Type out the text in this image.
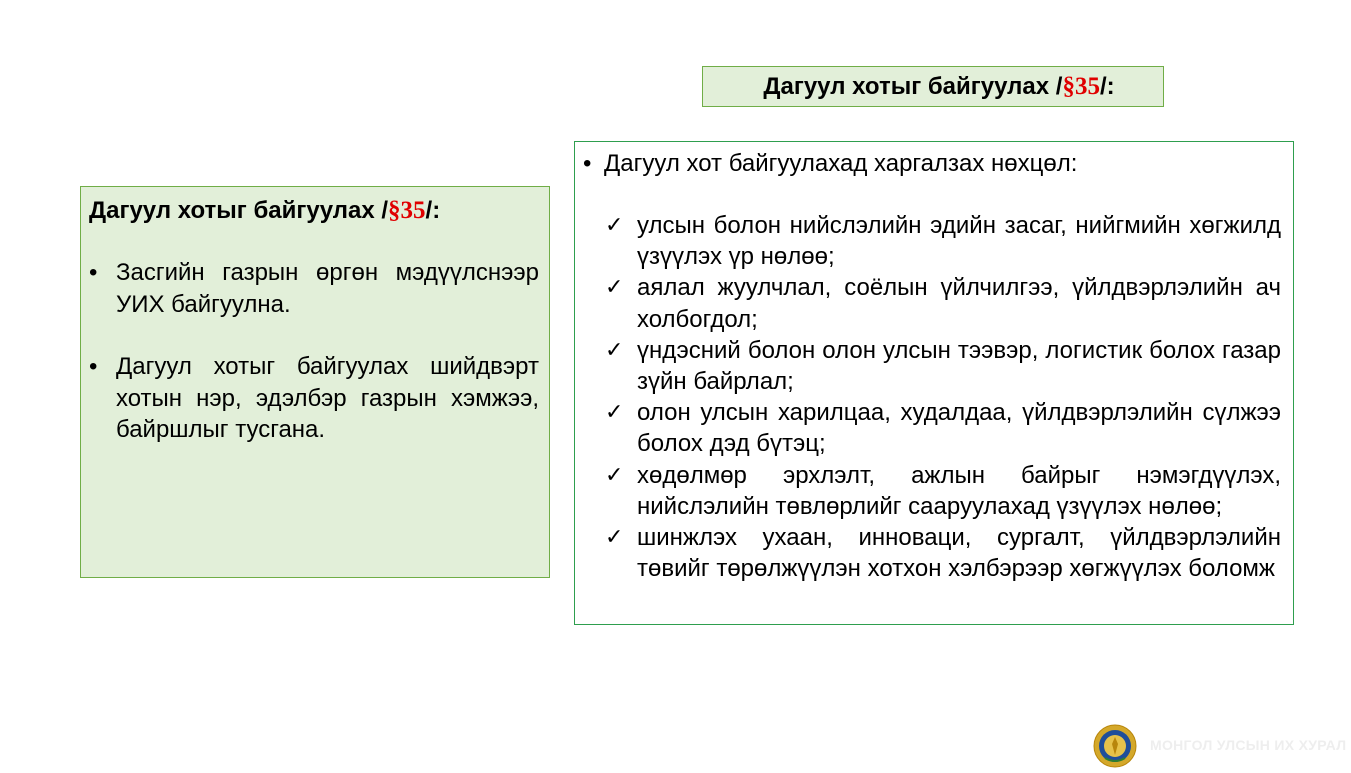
Дагуул хотыг байгуулах / §35 /:
Дагуул хотыг байгуулах /§35/:
• Засгийн газрын өргөн мэдүүлснээр УИХ байгуулна.
• Дагуул хотыг байгуулах шийдвэрт хотын нэр, эдэлбэр газрын хэмжээ, байршлыг тусгана.
• Дагуул хот байгуулахад харгалзах нөхцөл:
✓ улсын болон нийслэлийн эдийн засаг, нийгмийн хөгжилд үзүүлэх үр нөлөө;
✓ аялал жуулчлал, соёлын үйлчилгээ, үйлдвэрлэлийн ач холбогдол;
✓ үндэсний болон олон улсын тээвэр, логистик болох газар зүйн байрлал;
✓ олон улсын харилцаа, худалдаа, үйлдвэрлэлийн сүлжээ болох дэд бүтэц;
✓ хөдөлмөр эрхлэлт, ажлын байрыг нэмэгдүүлэх, нийслэлийн төвлөрлийг сааруулахад үзүүлэх нөлөө;
✓ шинжлэх ухаан, инноваци, сургалт, үйлдвэрлэлийн төвийг төрөлжүүлэн хотхон хэлбэрээр хөгжүүлэх боломж
МОНГОЛ УЛСЫН ИХ ХУРАЛ
